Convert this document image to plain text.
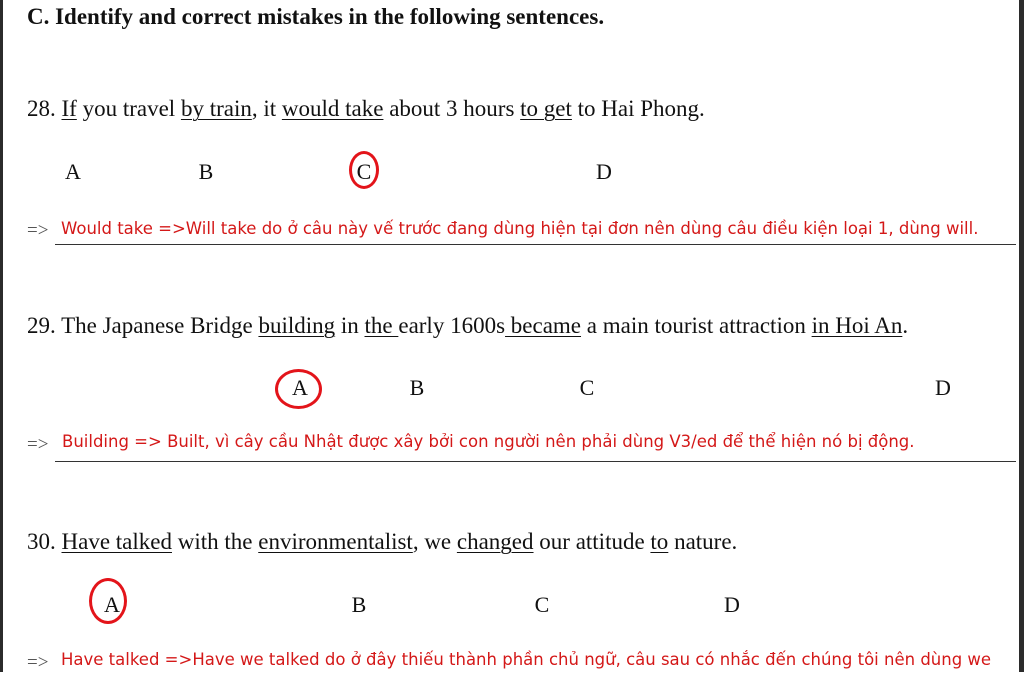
C. Identify and correct mistakes in the following sentences.
28. If you travel by train, it would take about 3 hours to get to Hai Phong.
A	B	C	D
=> Would take =>Will take do ở câu này vế trước đang dùng hiện tại đơn nên dùng câu điều kiện loại 1, dùng will.
29. The Japanese Bridge building in the early 1600s became a main tourist attraction in Hoi An.
A	B	C	D
=> Building => Built, vì cây cầu Nhật được xây bởi con người nên phải dùng V3/ed để thể hiện nó bị động.
30. Have talked with the environmentalist, we changed our attitude to nature.
A	B	C	D
=> Have talked =>Have we talked do ở đây thiếu thành phần chủ ngữ, câu sau có nhắc đến chúng tôi nên dùng we
